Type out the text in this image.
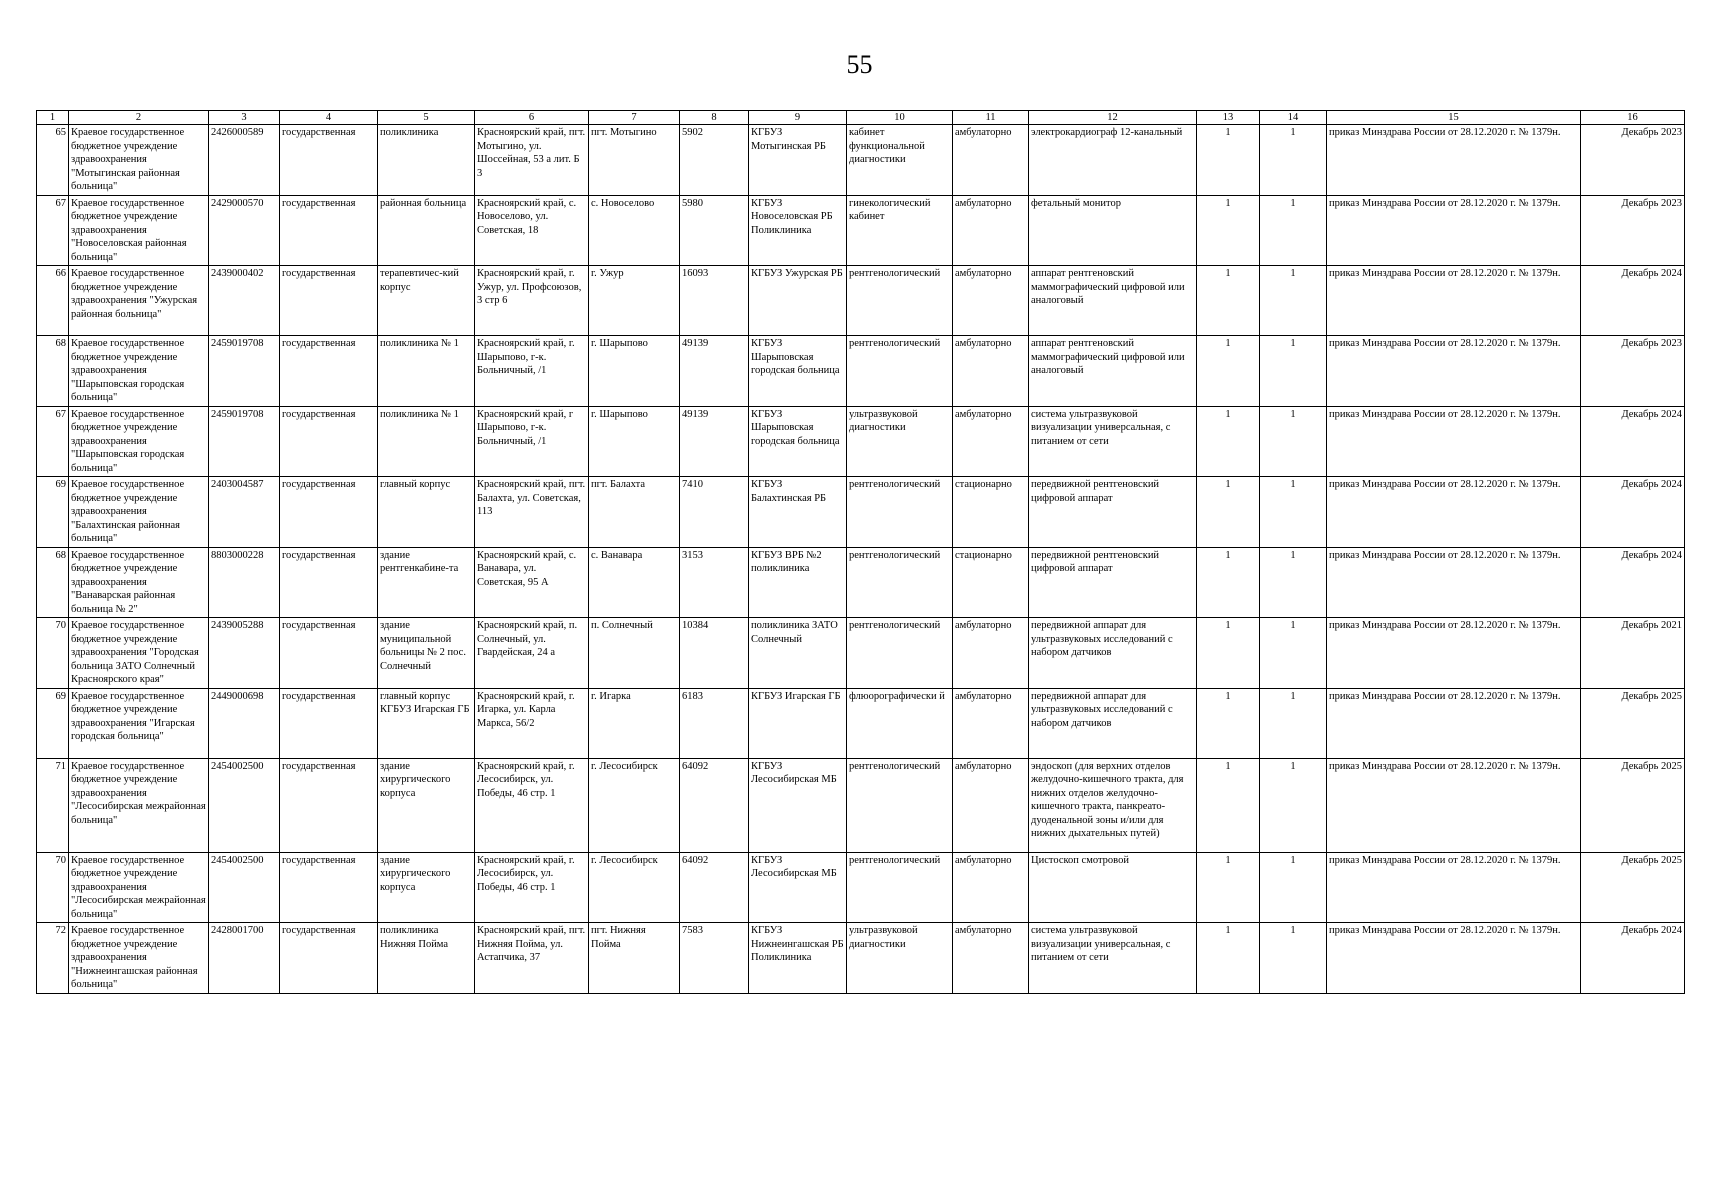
55
1	2	3	4	5	6	7	8	9	10	11	12	13	14	15	16
65	Краевое государственное бюджетное учреждение здравоохранения "Мотыгинская районная больница"	2426000589	государственная	поликлиника	Красноярский край, пгт. Мотыгино, ул. Шоссейная, 53 а лит. Б 3	пгт. Мотыгино	5902	КГБУЗ Мотыгинская РБ	кабинет функциональной диагностики	амбулаторно	электрокардиограф 12-канальный	1	1	приказ Минздрава России от 28.12.2020 г. № 1379н.	Декабрь 2023
67	Краевое государственное бюджетное учреждение здравоохранения "Новоселовская районная больница"	2429000570	государственная	районная больница	Красноярский край, с. Новоселово, ул. Советская, 18	с. Новоселово	5980	КГБУЗ Новоселовская РБ Поликлиника	гинекологический кабинет	амбулаторно	фетальный монитор	1	1	приказ Минздрава России от 28.12.2020 г. № 1379н.	Декабрь 2023
66	Краевое государственное бюджетное учреждение здравоохранения "Ужурская районная больница"	2439000402	государственная	терапевтичес-кий корпус	Красноярский край, г. Ужур, ул. Профсоюзов, 3 стр 6	г. Ужур	16093	КГБУЗ Ужурская РБ	рентгенологический	амбулаторно	аппарат рентгеновский маммографический цифровой или аналоговый	1	1	приказ Минздрава России от 28.12.2020 г. № 1379н.	Декабрь 2024
68	Краевое государственное бюджетное учреждение здравоохранения "Шарыповская городская больница"	2459019708	государственная	поликлиника № 1	Красноярский край, г. Шарыпово, г-к. Больничный, /1	г. Шарыпово	49139	КГБУЗ Шарыповская городская больница	рентгенологический	амбулаторно	аппарат рентгеновский маммографический цифровой или аналоговый	1	1	приказ Минздрава России от 28.12.2020 г. № 1379н.	Декабрь 2023
67	Краевое государственное бюджетное учреждение здравоохранения "Шарыповская городская больница"	2459019708	государственная	поликлиника № 1	Красноярский край, г Шарыпово, г-к. Больничный, /1	г. Шарыпово	49139	КГБУЗ Шарыповская городская больница	ультразвуковой диагностики	амбулаторно	система ультразвуковой визуализации универсальная, с питанием от сети	1	1	приказ Минздрава России от 28.12.2020 г. № 1379н.	Декабрь 2024
69	Краевое государственное бюджетное учреждение здравоохранения "Балахтинская районная больница"	2403004587	государственная	главный корпус	Красноярский край, пгт. Балахта, ул. Советская, 113	пгт. Балахта	7410	КГБУЗ Балахтинская РБ	рентгенологический	стационарно	передвижной рентгеновский цифровой аппарат	1	1	приказ Минздрава России от 28.12.2020 г. № 1379н.	Декабрь 2024
68	Краевое государственное бюджетное учреждение здравоохранения "Ванаварская районная больница № 2"	8803000228	государственная	здание рентгенкабине-та	Красноярский край, с. Ванавара, ул. Советская, 95 А	с. Ванавара	3153	КГБУЗ ВРБ №2 поликлиника	рентгенологический	стационарно	передвижной рентгеновский цифровой аппарат	1	1	приказ Минздрава России от 28.12.2020 г. № 1379н.	Декабрь 2024
70	Краевое государственное бюджетное учреждение здравоохранения "Городская больница ЗАТО Солнечный Красноярского края"	2439005288	государственная	здание муниципальной больницы № 2 пос. Солнечный	Красноярский край, п. Солнечный, ул. Гвардейская, 24 а	п. Солнечный	10384	поликлиника ЗАТО Солнечный	рентгенологический	амбулаторно	передвижной аппарат для ультразвуковых исследований с набором датчиков	1	1	приказ Минздрава России от 28.12.2020 г. № 1379н.	Декабрь 2021
69	Краевое государственное бюджетное учреждение здравоохранения "Игарская городская больница"	2449000698	государственная	главный корпус КГБУЗ Игарская ГБ	Красноярский край, г. Игарка, ул. Карла Маркса, 56/2	г. Игарка	6183	КГБУЗ Игарская ГБ	флюорографически й	амбулаторно	передвижной аппарат для ультразвуковых исследований с набором датчиков	1	1	приказ Минздрава России от 28.12.2020 г. № 1379н.	Декабрь 2025
71	Краевое государственное бюджетное учреждение здравоохранения "Лесосибирская межрайонная больница"	2454002500	государственная	здание хирургического корпуса	Красноярский край, г. Лесосибирск, ул. Победы, 46 стр. 1	г. Лесосибирск	64092	КГБУЗ Лесосибирская МБ	рентгенологический	амбулаторно	эндоскоп (для верхних отделов желудочно-кишечного тракта, для нижних отделов желудочно-кишечного тракта, панкреато-дуоденальной зоны и/или для нижних дыхательных путей)	1	1	приказ Минздрава России от 28.12.2020 г. № 1379н.	Декабрь 2025
70	Краевое государственное бюджетное учреждение здравоохранения "Лесосибирская межрайонная больница"	2454002500	государственная	здание хирургического корпуса	Красноярский край, г. Лесосибирск, ул. Победы, 46 стр. 1	г. Лесосибирск	64092	КГБУЗ Лесосибирская МБ	рентгенологический	амбулаторно	Цистоскоп смотровой	1	1	приказ Минздрава России от 28.12.2020 г. № 1379н.	Декабрь 2025
72	Краевое государственное бюджетное учреждение здравоохранения "Нижнеингашская районная больница"	2428001700	государственная	поликлиника Нижняя Пойма	Красноярский край, пгт. Нижняя Пойма, ул. Астапчика, 37	пгт. Нижняя Пойма	7583	КГБУЗ Нижнеингашская РБ Поликлиника	ультразвуковой диагностики	амбулаторно	система ультразвуковой визуализации универсальная, с питанием от сети	1	1	приказ Минздрава России от 28.12.2020 г. № 1379н.	Декабрь 2024
